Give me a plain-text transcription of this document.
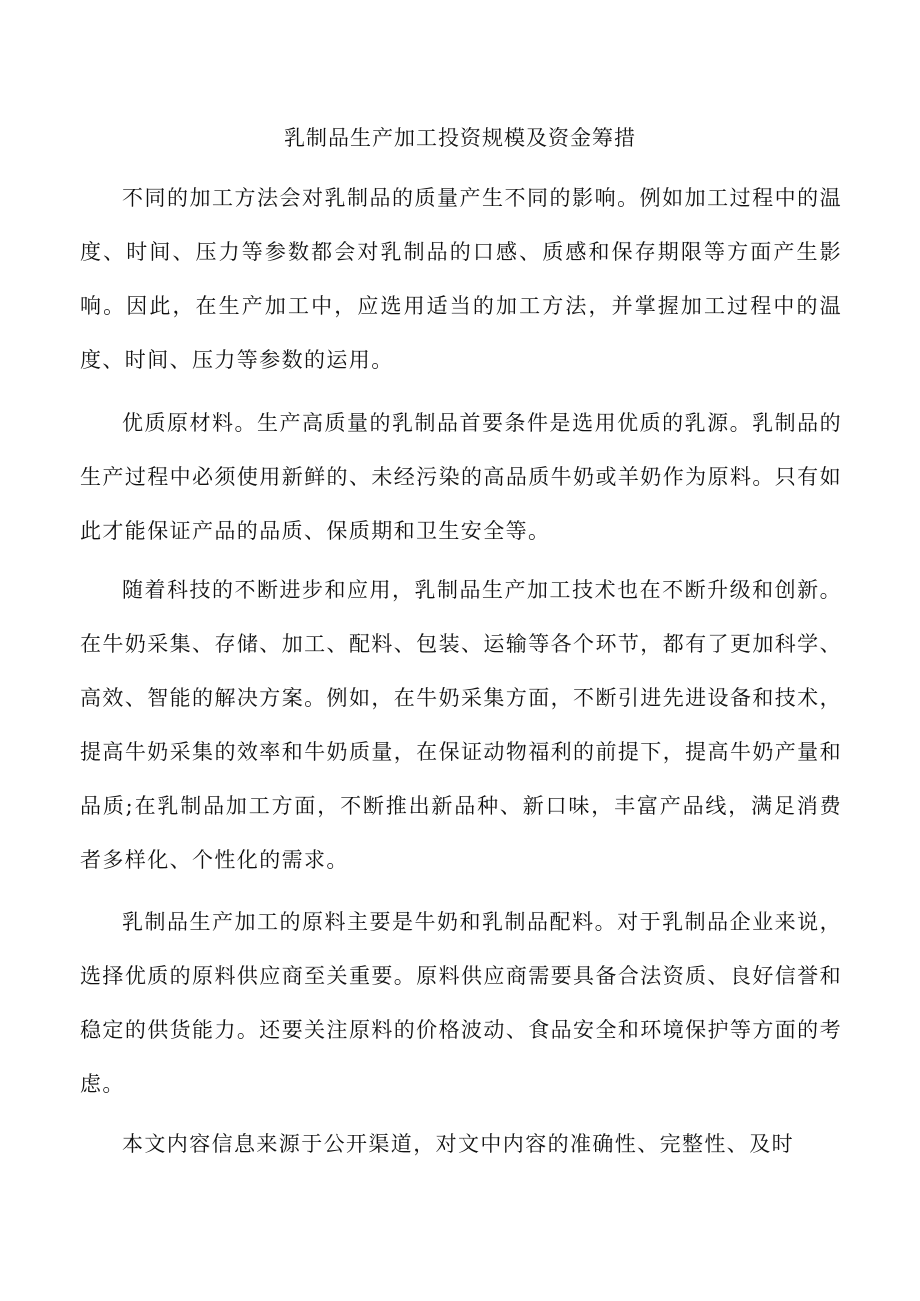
乳制品生产加工投资规模及资金筹措

不同的加工方法会对乳制品的质量产生不同的影响。例如加工过程中的温度、时间、压力等参数都会对乳制品的口感、质感和保存期限等方面产生影响。因此，在生产加工中，应选用适当的加工方法，并掌握加工过程中的温度、时间、压力等参数的运用。

优质原材料。生产高质量的乳制品首要条件是选用优质的乳源。乳制品的生产过程中必须使用新鲜的、未经污染的高品质牛奶或羊奶作为原料。只有如此才能保证产品的品质、保质期和卫生安全等。

随着科技的不断进步和应用，乳制品生产加工技术也在不断升级和创新。在牛奶采集、存储、加工、配料、包装、运输等各个环节，都有了更加科学、高效、智能的解决方案。例如，在牛奶采集方面，不断引进先进设备和技术，提高牛奶采集的效率和牛奶质量，在保证动物福利的前提下，提高牛奶产量和品质;在乳制品加工方面，不断推出新品种、新口味，丰富产品线，满足消费者多样化、个性化的需求。

乳制品生产加工的原料主要是牛奶和乳制品配料。对于乳制品企业来说，选择优质的原料供应商至关重要。原料供应商需要具备合法资质、良好信誉和稳定的供货能力。还要关注原料的价格波动、食品安全和环境保护等方面的考虑。

本文内容信息来源于公开渠道，对文中内容的准确性、完整性、及时
